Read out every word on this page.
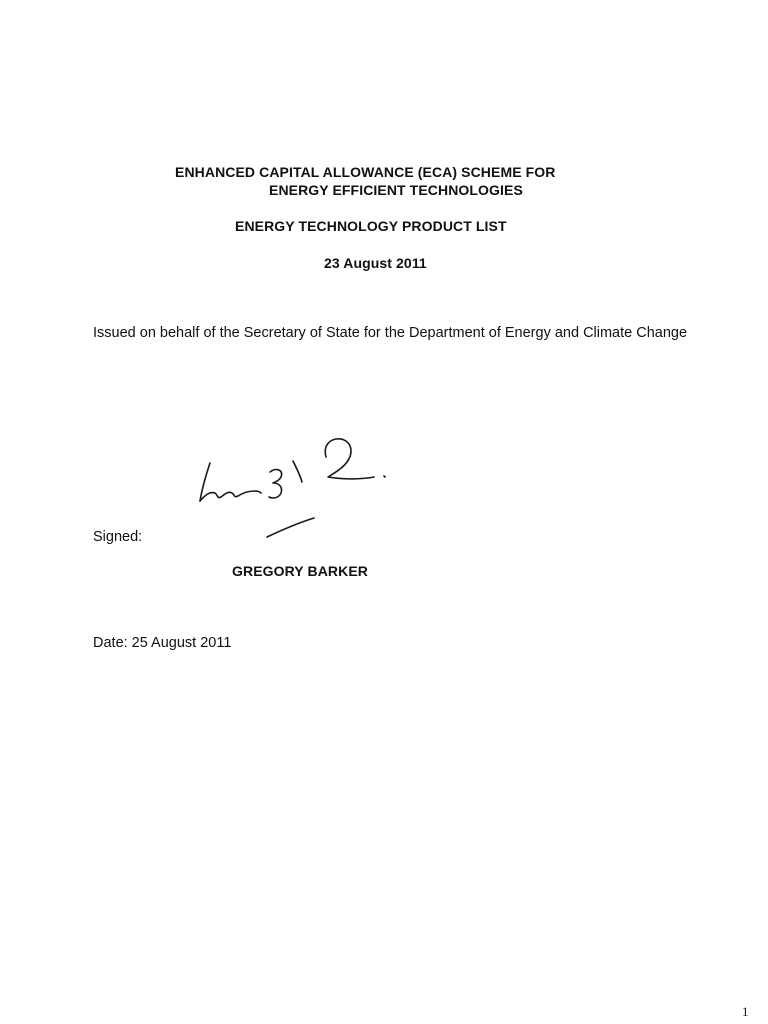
ENHANCED CAPITAL ALLOWANCE (ECA) SCHEME FOR
ENERGY EFFICIENT TECHNOLOGIES
ENERGY TECHNOLOGY PRODUCT LIST
23 August 2011
Issued on behalf of the Secretary of State for the Department of Energy and Climate Change
Signed:
GREGORY BARKER
Date: 25 August 2011
1
